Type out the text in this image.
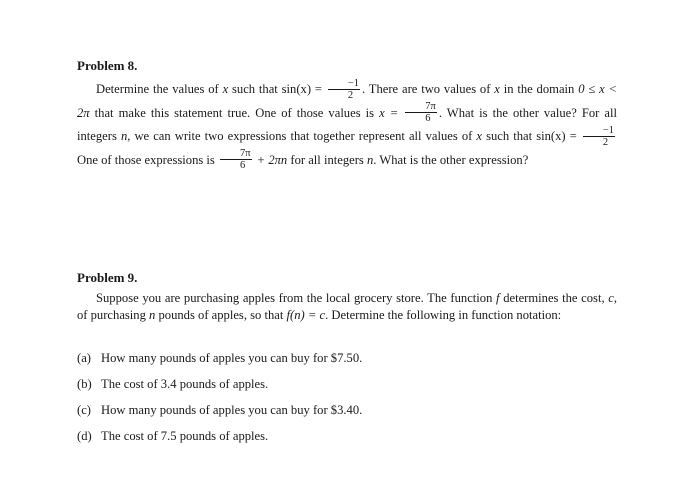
Problem 8.

Determine the values of x such that $\sin(x) = \frac{-1}{2}$ . There are two values of x in the domain 0 ≤ x < 2π that make this statement true. One of those values is $x = \frac{7\pi}{6}$ . What is the other value? For all integers n, we can write two expressions that together represent all values of x such that $\sin(x) = \frac{-1}{2}$
One of those expressions is $\frac{7\pi}{6} + 2\pi n$ for all integers n. What is the other expression?

Problem 9.

Suppose you are purchasing apples from the local grocery store. The function f determines the cost, c, of purchasing n pounds of apples, so that f(n) = c. Determine the following in function notation:

(a) How many pounds of apples you can buy for $7.50.
(b) The cost of 3.4 pounds of apples.
(c) How many pounds of apples you can buy for $3.40.
(d) The cost of 7.5 pounds of apples.
